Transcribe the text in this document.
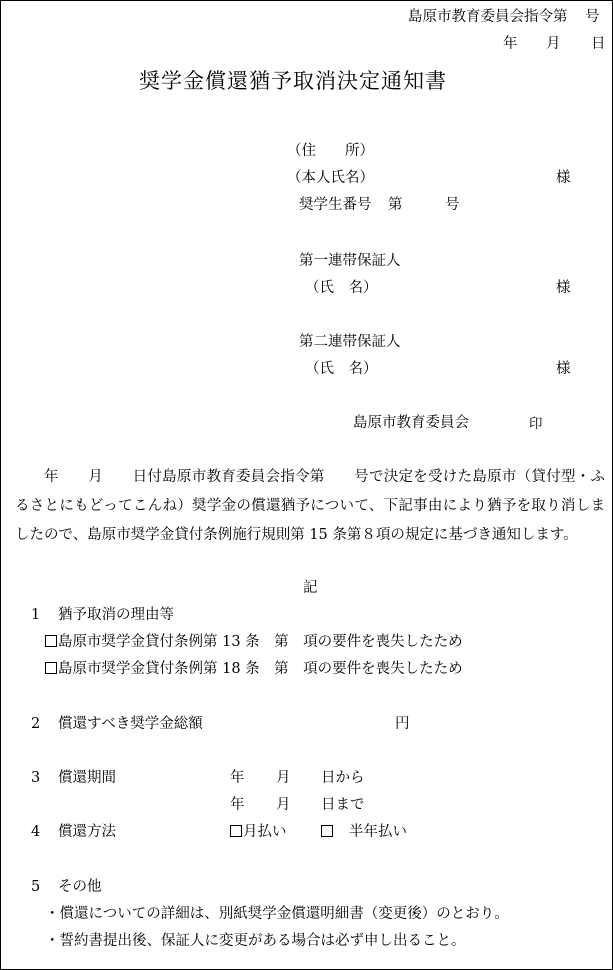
島原市教育委員会指令第 号
年 月 日
奨学金償還猶予取消決定通知書
（住　　所）
（本人氏名）	様
奨学生番号 第	号
第一連帯保証人
（氏　名）	様
第二連帯保証人
（氏　名）	様
島原市教育委員会	印
年　　月　　日付島原市教育委員会指令第　　号で決定を受けた島原市（貸付型・ふるさとにもどってこんね）奨学金の償還猶予について、下記事由により猶予を取り消しましたので、島原市奨学金貸付条例施行規則第 15 条第８項の規定に基づき通知します。
記
1 猶予取消の理由等
島原市奨学金貸付条例第 13 条　第　項の要件を喪失したため
島原市奨学金貸付条例第 18 条　第　項の要件を喪失したため
2 償還すべき奨学金総額	円
3 償還期間	年 月 日から
年 月 日まで
4 償還方法	月払い	半年払い
5 その他
・償還についての詳細は、別紙奨学金償還明細書（変更後）のとおり。
・誓約書提出後、保証人に変更がある場合は必ず申し出ること。
